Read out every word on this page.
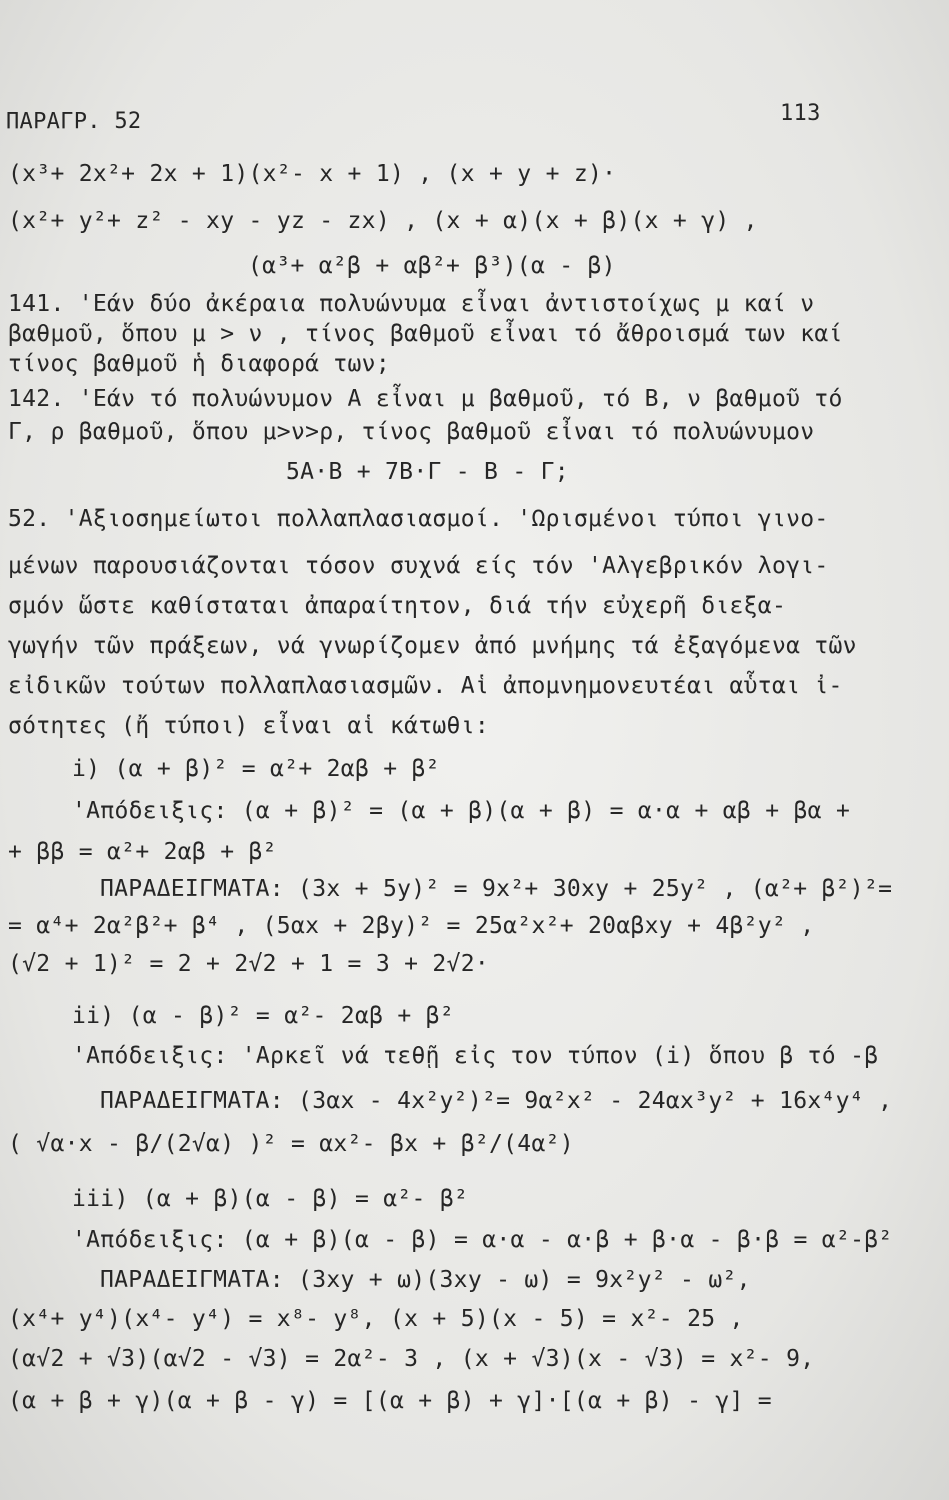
ΠΑΡΑΓΡ. 52	113
(x³+ 2x²+ 2x + 1)(x²- x + 1) , (x + y + z)·
(x²+ y²+ z² - xy - yz - zx) , (x + α)(x + β)(x + γ) ,
(α³+ α²β + αβ²+ β³)(α - β)
141. 'Εάν δύο ἀκέραια πολυώνυμα εἶναι ἀντιστοίχως μ καί ν
βαθμοῦ, ὅπου μ > ν , τίνος βαθμοῦ εἶναι τό ἄθροισμά των καί
τίνος βαθμοῦ ἡ διαφορά των;
142. 'Εάν τό πολυώνυμον Α εἶναι μ βαθμοῦ, τό Β, ν βαθμοῦ τό
Γ, ρ βαθμοῦ, ὅπου μ>ν>ρ, τίνος βαθμοῦ εἶναι τό πολυώνυμον
5Α·Β + 7Β·Γ - Β - Γ;
52. 'Αξιοσημείωτοι πολλαπλασιασμοί. 'Ωρισμένοι τύποι γινο-
μένων παρουσιάζονται τόσον συχνά είς τόν 'Αλγεβρικόν λογι-
σμόν ὥστε καθίσταται ἀπαραίτητον, διά τήν εὐχερῆ διεξα-
γωγήν τῶν πράξεων, νά γνωρίζομεν ἀπό μνήμης τά ἐξαγόμενα τῶν
εἰδικῶν τούτων πολλαπλασιασμῶν. Αἱ ἀπομνημονευτέαι αὗται ἰ-
σότητες (ἤ τύποι) εἶναι αἱ κάτωθι:
i) (α + β)² = α²+ 2αβ + β²
'Απόδειξις: (α + β)² = (α + β)(α + β) = α·α + αβ + βα +
+ ββ = α²+ 2αβ + β²
ΠΑΡΑΔΕΙΓΜΑΤΑ: (3x + 5y)² = 9x²+ 30xy + 25y² , (α²+ β²)²=
= α⁴+ 2α²β²+ β⁴ , (5αx + 2βy)² = 25α²x²+ 20αβxy + 4β²y² ,
(√2 + 1)² = 2 + 2√2 + 1 = 3 + 2√2·
ii) (α - β)² = α²- 2αβ + β²
'Απόδειξις: 'Αρκεῖ νά τεθῇ εἰς τον τύπον (i) ὅπου β τό -β
ΠΑΡΑΔΕΙΓΜΑΤΑ: (3αx - 4x²y²)²= 9α²x² - 24αx³y² + 16x⁴y⁴ ,
( √α·x - β/(2√α) )² = αx²- βx + β²/(4α²)
iii) (α + β)(α - β) = α²- β²
'Απόδειξις: (α + β)(α - β) = α·α - α·β + β·α - β·β = α²-β²
ΠΑΡΑΔΕΙΓΜΑΤΑ: (3xy + ω)(3xy - ω) = 9x²y² - ω²,
(x⁴+ y⁴)(x⁴- y⁴) = x⁸- y⁸, (x + 5)(x - 5) = x²- 25 ,
(α√2 + √3)(α√2 - √3) = 2α²- 3 , (x + √3)(x - √3) = x²- 9,
(α + β + γ)(α + β - γ) = [(α + β) + γ]·[(α + β) - γ] =
